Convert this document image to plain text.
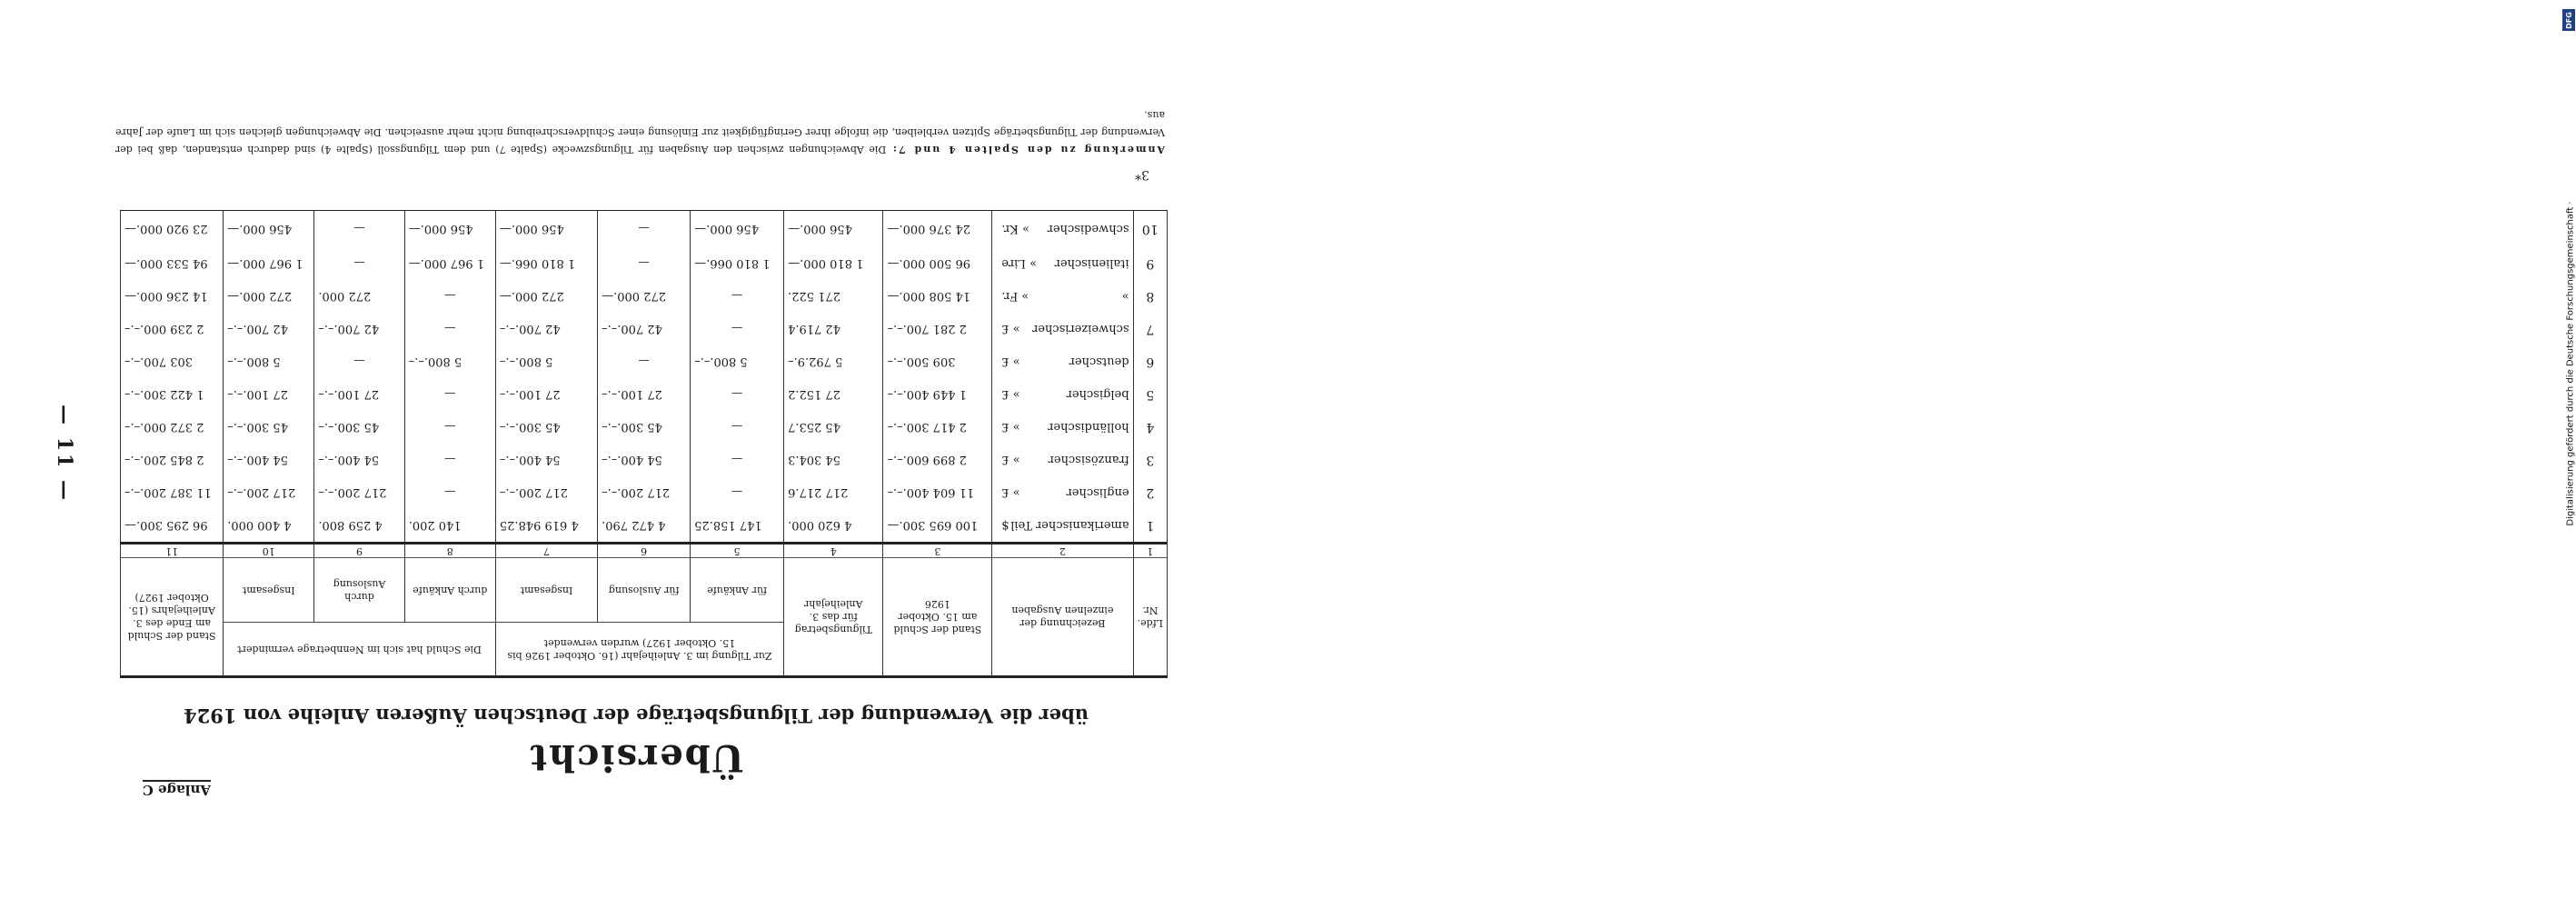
DFG
Digitalisierung gefördert durch die Deutsche Forschungsgemeinschaft ·
Anlage C
Übersicht
über die Verwendung der Tilgungsbeträge der Deutschen Äußeren Anleihe von 1924
— 11 —
3*
Lfde. Nr.	Bezeichnung der einzelnen Ausgaben	Stand der Schuld am 15. Oktober 1926	Tilgungsbetrag für das 3. Anleihejahr	Zur Tilgung im 3. Anleihejahr (16. Oktober 1926 bis 15. Oktober 1927) wurden verwendet			Die Schuld hat sich im Nennbetrage vermindert			Stand der Schuld am Ende des 3. Anleihejahrs (15. Oktober 1927)
				für Ankäufe	für Auslosung	Insgesamt	durch Ankäufe	durch Auslosung	Insgesamt	
1	2	3	4	5	6	7	8	9	10	11
1	$ amerikanischer Teil	100 695 300.—	4 620 000.	147 158.25	4 472 790.	4 619 948.25	140 200.	4 259 800.	4 400 000.	96 295 300.—
2	» £ englischer	11 604 400.–.–	217 217.6	—	217 200.–.–	217 200.–.–	—	217 200.–.–	217 200.–.–	11 387 200.–.–
3	» £ französischer	2 899 600.–.–	54 304.3	—	54 400.–.–	54 400.–.–	—	54 400.–.–	54 400.–.–	2 845 200.–.–
4	» £ holländischer	2 417 300.–.–	45 253.7	—	45 300.–.–	45 300.–.–	—	45 300.–.–	45 300.–.–	2 372 000.–.–
5	» £ belgischer	1 449 400.–.–	27 152.2	—	27 100.–.–	27 100.–.–	—	27 100.–.–	27 100.–.–	1 422 300.–.–
6	» £ deutscher	309 500.–.–	5 792.9.–	5 800.–.–	—	5 800.–.–	5 800.–.–	—	5 800.–.–	303 700.–.–
7	» £ schweizerischer	2 281 700.–.–	42 719.4	—	42 700.–.–	42 700.–.–	—	42 700.–.–	42 700.–.–	2 239 000.–.–
8	» Fr. »	14 508 000.—	271 522.	—	272 000.—	272 000.—	—	272 000.	272 000.—	14 236 000.—
9	» Lire italienischer	96 500 000.—	1 810 000.—	1 810 066.—	—	1 810 066.—	1 967 000.—	—	1 967 000.—	94 533 000.—
10	» Kr. schwedischer	24 376 000.—	456 000.—	456 000.—	—	456 000.—	456 000.—	—	456 000.—	23 920 000.—
Anmerkung zu den Spalten 4 und 7: Die Abweichungen zwischen den Ausgaben für Tilgungszwecke (Spalte 7) und dem Tilgungssoll (Spalte 4) sind dadurch entstanden, daß bei der Verwendung der Tilgungsbeträge Spitzen verbleiben, die infolge ihrer Geringfügigkeit zur Einlösung einer Schuldverschreibung nicht mehr ausreichen. Die Abweichungen gleichen sich im Laufe der Jahre aus.
